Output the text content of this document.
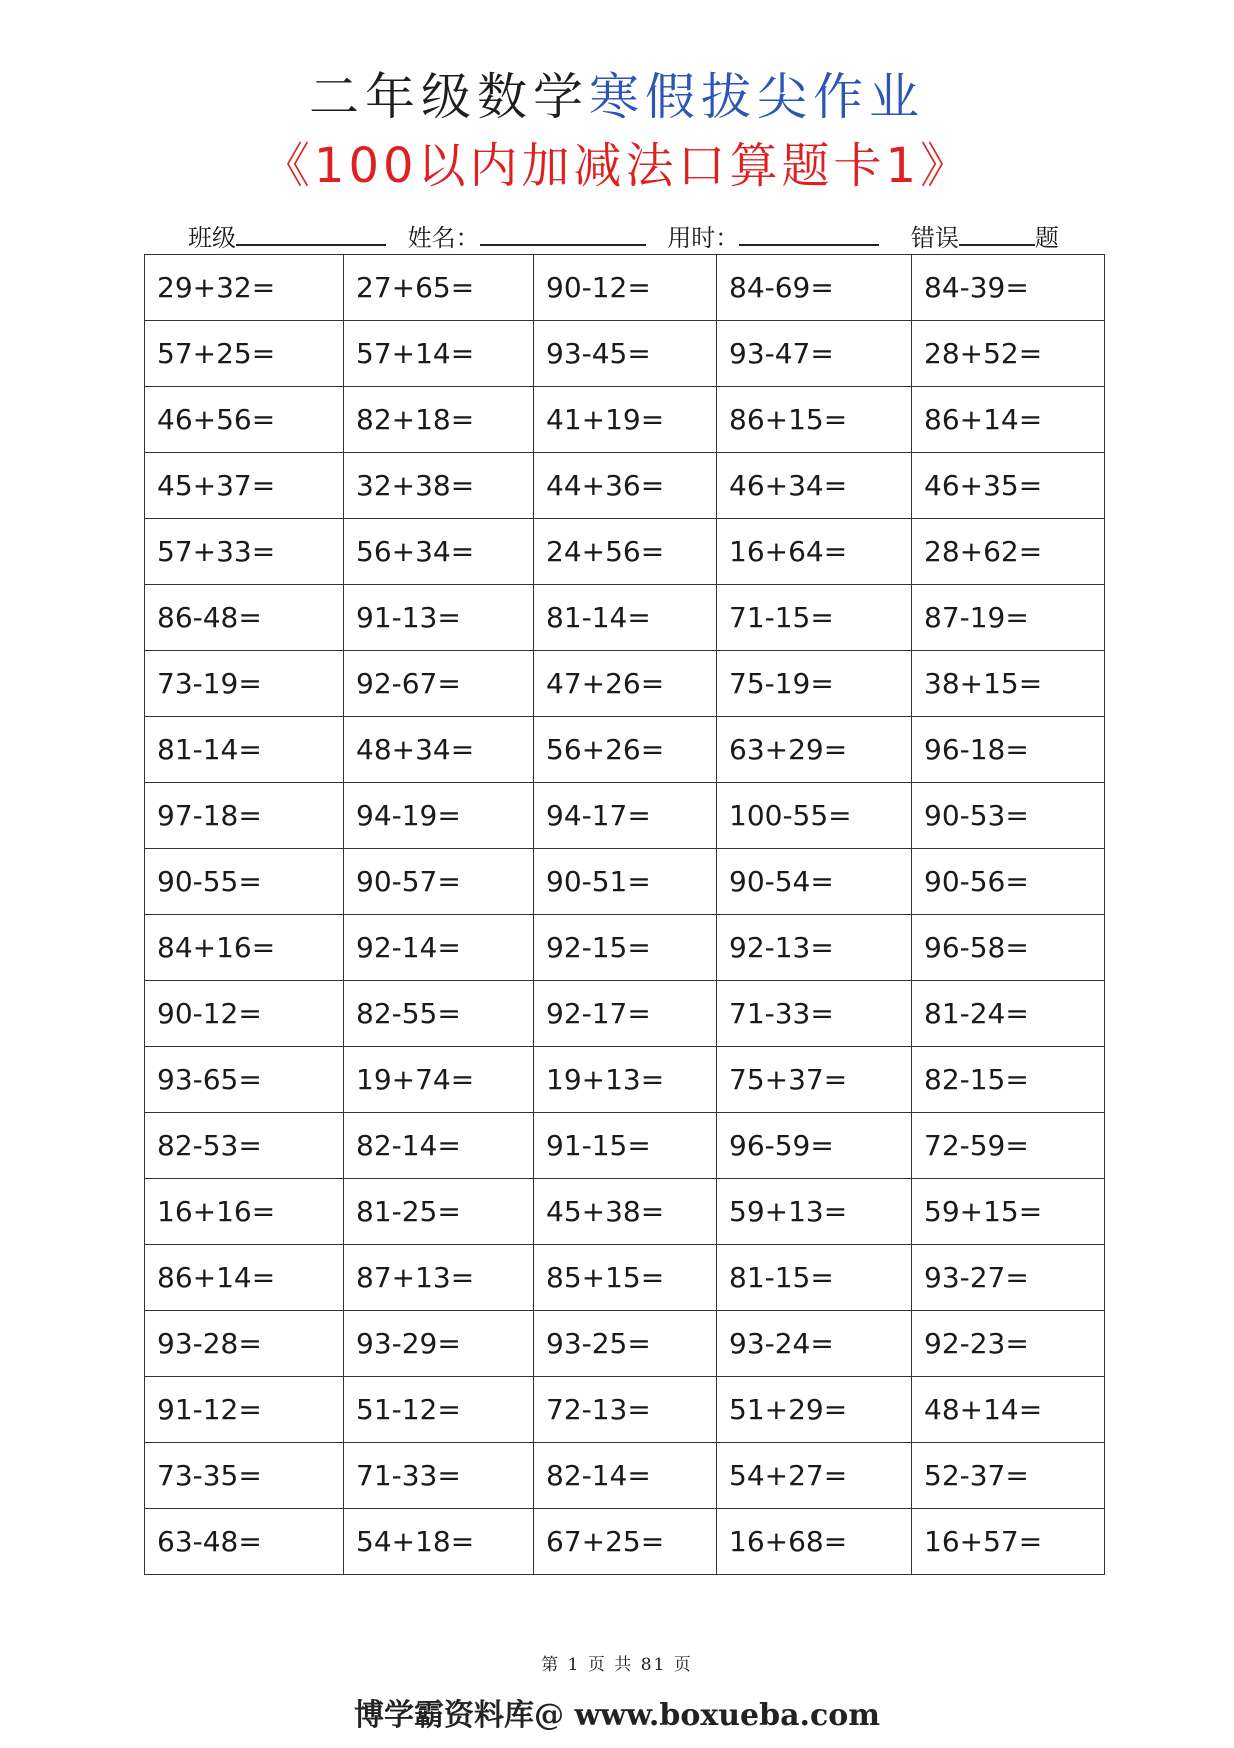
二年级数学寒假拔尖作业
《100以内加减法口算题卡1》
班级	姓名：	用时：	错误	题
29+32=	27+65=	90-12=	84-69=	84-39=
57+25=	57+14=	93-45=	93-47=	28+52=
46+56=	82+18=	41+19=	86+15=	86+14=
45+37=	32+38=	44+36=	46+34=	46+35=
57+33=	56+34=	24+56=	16+64=	28+62=
86-48=	91-13=	81-14=	71-15=	87-19=
73-19=	92-67=	47+26=	75-19=	38+15=
81-14=	48+34=	56+26=	63+29=	96-18=
97-18=	94-19=	94-17=	100-55=	90-53=
90-55=	90-57=	90-51=	90-54=	90-56=
84+16=	92-14=	92-15=	92-13=	96-58=
90-12=	82-55=	92-17=	71-33=	81-24=
93-65=	19+74=	19+13=	75+37=	82-15=
82-53=	82-14=	91-15=	96-59=	72-59=
16+16=	81-25=	45+38=	59+13=	59+15=
86+14=	87+13=	85+15=	81-15=	93-27=
93-28=	93-29=	93-25=	93-24=	92-23=
91-12=	51-12=	72-13=	51+29=	48+14=
73-35=	71-33=	82-14=	54+27=	52-37=
63-48=	54+18=	67+25=	16+68=	16+57=
第 1 页 共 81 页
博学霸资料库@ www.boxueba.com
